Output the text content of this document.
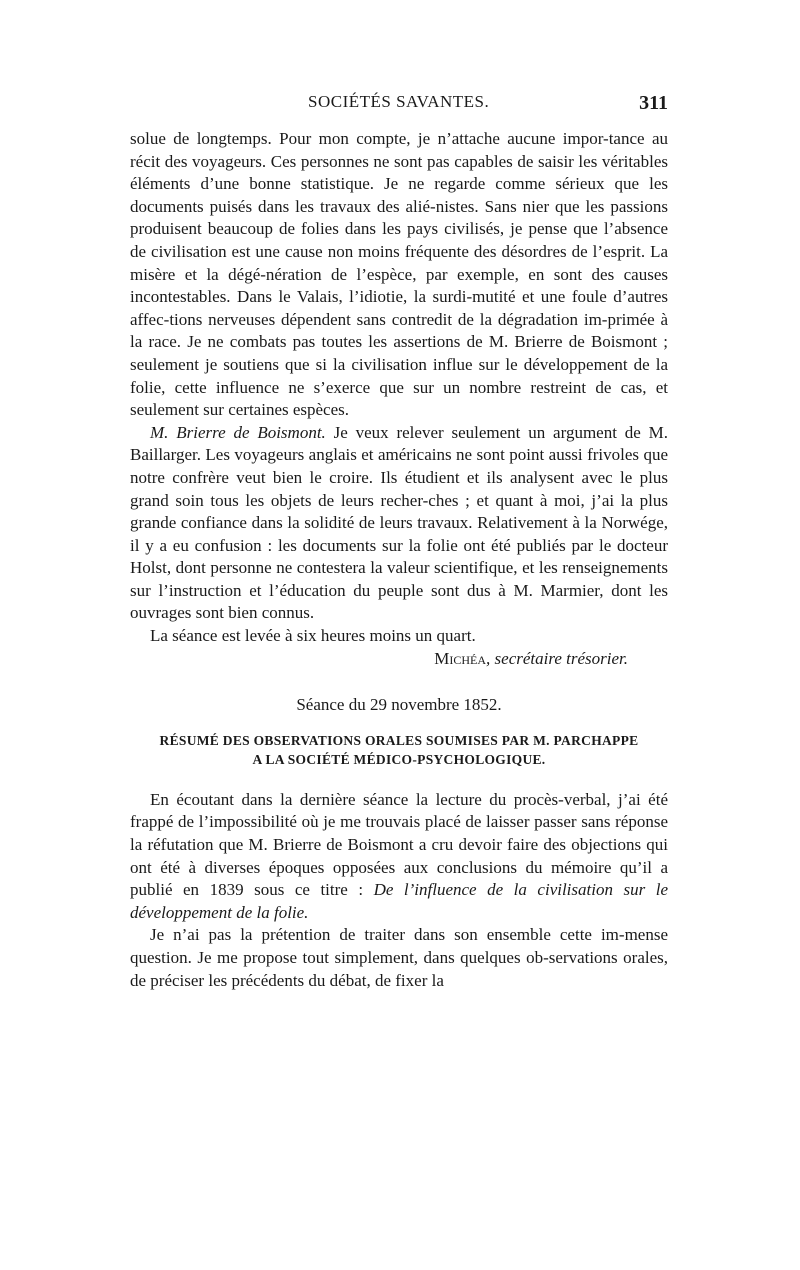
SOCIÉTÉS SAVANTES.	311

solue de longtemps. Pour mon compte, je n’attache aucune impor-tance au récit des voyageurs. Ces personnes ne sont pas capables de saisir les véritables éléments d’une bonne statistique. Je ne regarde comme sérieux que les documents puisés dans les travaux des alié-nistes. Sans nier que les passions produisent beaucoup de folies dans les pays civilisés, je pense que l’absence de civilisation est une cause non moins fréquente des désordres de l’esprit. La misère et la dégé-nération de l’espèce, par exemple, en sont des causes incontestables. Dans le Valais, l’idiotie, la surdi-mutité et une foule d’autres affec-tions nerveuses dépendent sans contredit de la dégradation im-primée à la race. Je ne combats pas toutes les assertions de M. Brierre de Boismont ; seulement je soutiens que si la civilisation influe sur le développement de la folie, cette influence ne s’exerce que sur un nombre restreint de cas, et seulement sur certaines espèces.

M. Brierre de Boismont. Je veux relever seulement un argument de M. Baillarger. Les voyageurs anglais et américains ne sont point aussi frivoles que notre confrère veut bien le croire. Ils étudient et ils analysent avec le plus grand soin tous les objets de leurs recher-ches ; et quant à moi, j’ai la plus grande confiance dans la solidité de leurs travaux. Relativement à la Norwége, il y a eu confusion : les documents sur la folie ont été publiés par le docteur Holst, dont personne ne contestera la valeur scientifique, et les renseignements sur l’instruction et l’éducation du peuple sont dus à M. Marmier, dont les ouvrages sont bien connus.

La séance est levée à six heures moins un quart.

Michéa, secrétaire trésorier.

Séance du 29 novembre 1852.

RÉSUMÉ DES OBSERVATIONS ORALES SOUMISES PAR M. PARCHAPPE
A LA SOCIÉTÉ MÉDICO-PSYCHOLOGIQUE.

En écoutant dans la dernière séance la lecture du procès-verbal, j’ai été frappé de l’impossibilité où je me trouvais placé de laisser passer sans réponse la réfutation que M. Brierre de Boismont a cru devoir faire des objections qui ont été à diverses époques opposées aux conclusions du mémoire qu’il a publié en 1839 sous ce titre : De l’influence de la civilisation sur le développement de la folie.

Je n’ai pas la prétention de traiter dans son ensemble cette im-mense question. Je me propose tout simplement, dans quelques ob-servations orales, de préciser les précédents du débat, de fixer la
